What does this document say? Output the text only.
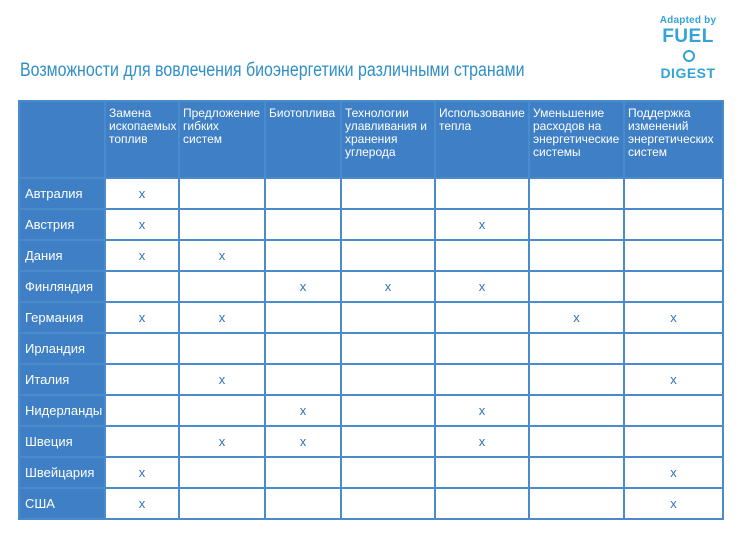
Adapted by
FUEL
DIGEST
Возможности для вовлечения биоэнергетики различными странами
	Замена ископаемых топлив	Предложение гибких систем	Биотоплива	Технологии улавливания и хранения углерода	Использование тепла	Уменьшение расходов на энергетические системы	Поддержка изменений энергетических систем
Автралия	x						
Австрия	x				x		
Дания	x	x					
Финляндия			x	x	x		
Германия	x	x				x	x
Ирландия							
Италия		x					x
Нидерланды			x		x		
Швеция		x	x		x		
Швейцария	x						x
США	x						x
